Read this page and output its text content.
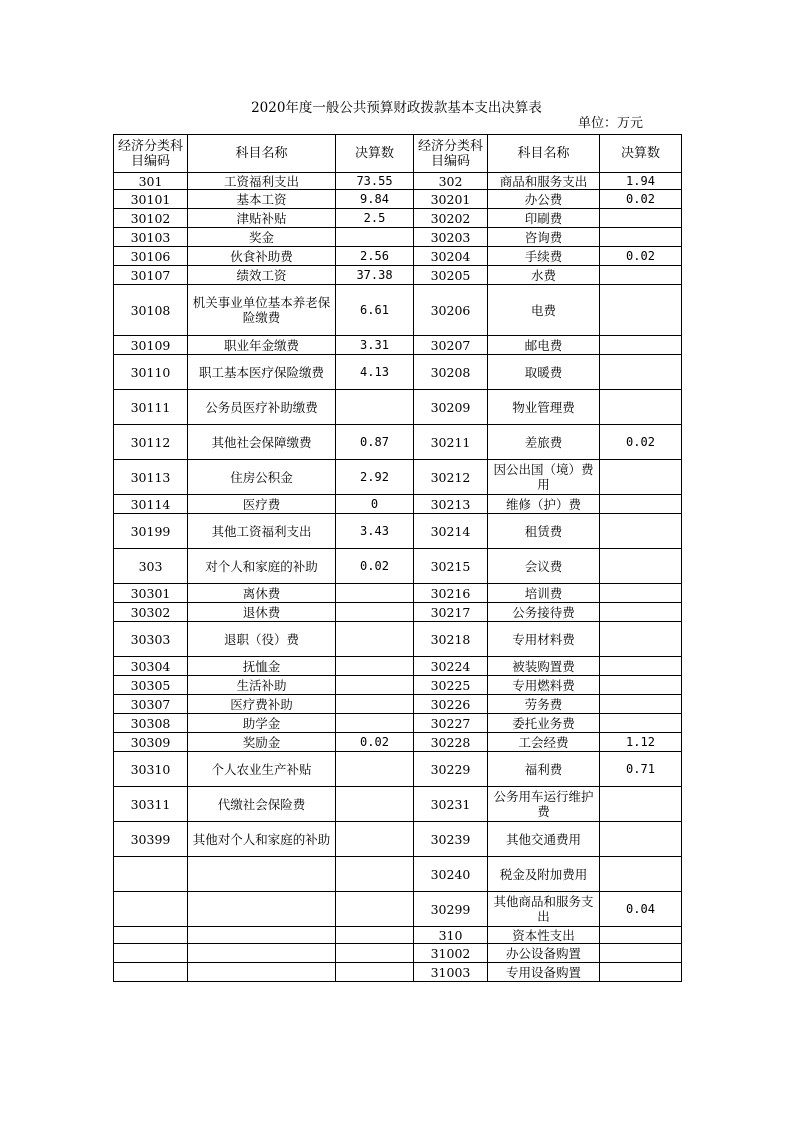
2020年度一般公共预算财政拨款基本支出决算表
单位：万元
经济分类科目编码	科目名称	决算数	经济分类科目编码	科目名称	决算数
301	工资福利支出	73.55	302	商品和服务支出	1.94
30101	基本工资	9.84	30201	办公费	0.02
30102	津贴补贴	2.5	30202	印刷费	
30103	奖金		30203	咨询费	
30106	伙食补助费	2.56	30204	手续费	0.02
30107	绩效工资	37.38	30205	水费	
30108	机关事业单位基本养老保险缴费	6.61	30206	电费	
30109	职业年金缴费	3.31	30207	邮电费	
30110	职工基本医疗保险缴费	4.13	30208	取暖费	
30111	公务员医疗补助缴费		30209	物业管理费	
30112	其他社会保障缴费	0.87	30211	差旅费	0.02
30113	住房公积金	2.92	30212	因公出国（境）费用	
30114	医疗费	0	30213	维修（护）费	
30199	其他工资福利支出	3.43	30214	租赁费	
303	对个人和家庭的补助	0.02	30215	会议费	
30301	离休费		30216	培训费	
30302	退休费		30217	公务接待费	
30303	退职（役）费		30218	专用材料费	
30304	抚恤金		30224	被装购置费	
30305	生活补助		30225	专用燃料费	
30307	医疗费补助		30226	劳务费	
30308	助学金		30227	委托业务费	
30309	奖励金	0.02	30228	工会经费	1.12
30310	个人农业生产补贴		30229	福利费	0.71
30311	代缴社会保险费		30231	公务用车运行维护费	
30399	其他对个人和家庭的补助		30239	其他交通费用	
			30240	税金及附加费用	
			30299	其他商品和服务支出	0.04
			310	资本性支出	
			31002	办公设备购置	
			31003	专用设备购置	
